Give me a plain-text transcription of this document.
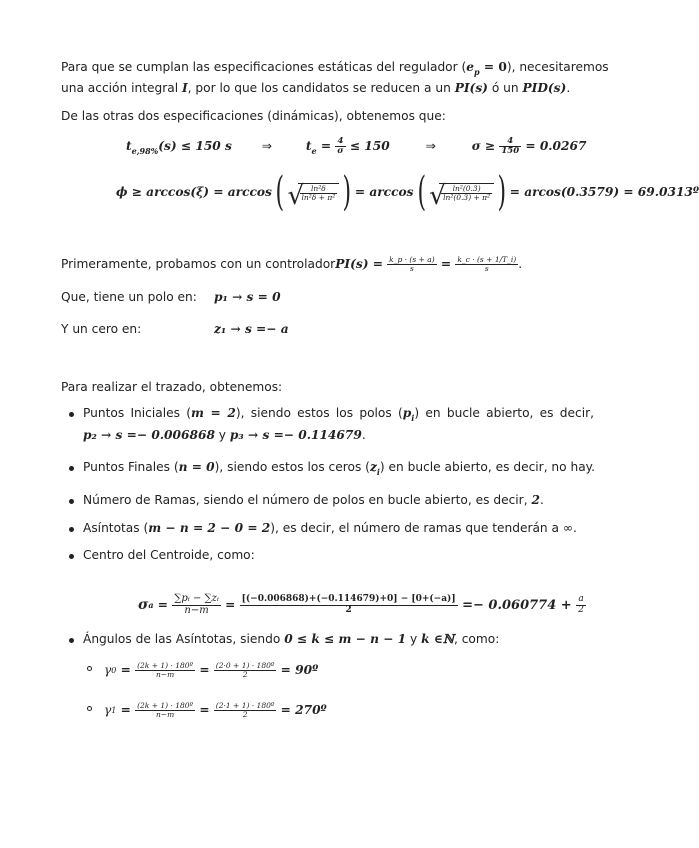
Para que se cumplan las especificaciones estáticas del regulador $(e_p = 0)$, necesitaremos
una acción integral I, por lo que los candidatos se reducen a un PI(s) ó un PID(s).
De las otras dos especificaciones (dinámicas), obtenemos que:
$t_{e,98\%}(s) \le 150$ s ⇒	$t_e = \frac{4}{\sigma} \le 150$	⇒	$\sigma \ge \frac{4}{150} = 0.0267$
ϕ ≥ arccos(ξ) = arccos ( √
$\frac{\text{ln²δ}}{\text{ln²δ + π²}}$ ) = arccos ( √
$\frac{\text{ln²(0.3)}}{\text{ln²(0.3) + π²}}$ ) = arcos(0.3579) = 69.0313º
Primeramente, probamos con un controlador $PI(s) = \frac{k\_p \cdot (s + a)}{s} = \frac{k\_c \cdot (s + 1/T\_i)}{s}$ .
Que, tiene un polo en: p₁ → s = 0
Y un cero en:	z₁ → s =− a
Para realizar el trazado, obtenemos:
Puntos Iniciales (m = 2), siendo estos los polos $(p_i)$ en bucle abierto, es decir,
p₂ → s =− 0.006868 y p₃ → s =− 0.114679.
Puntos Finales (n = 0), siendo estos los ceros $(z_i)$ en bucle abierto, es decir, no hay.
Número de Ramas, siendo el número de polos en bucle abierto, es decir, 2.
Asíntotas (m − n = 2 − 0 = 2), es decir, el número de ramas que tenderán a ∞.
Centro del Centroide, como:
σ $a = \frac{\text{∑pᵢ − ∑zᵢ}}{n-m} = \frac{[(-0.006868)+(-0.114679)+0] - [0+(-a)]}{2} =- 0.060774 + \frac{a}{2}$
Ángulos de las Asíntotas, siendo 0 ≤ k ≤ m − n − 1 y k ∈ℕ, como:
γ $0 = \frac{\text{(2k + 1) · 180º}}{n-m} = \frac{\text{(2·0 + 1) · 180º}}{2}$ = 90º
γ $1 = \frac{\text{(2k + 1) · 180º}}{n-m} = \frac{\text{(2·1 + 1) · 180º}}{2}$ = 270º
